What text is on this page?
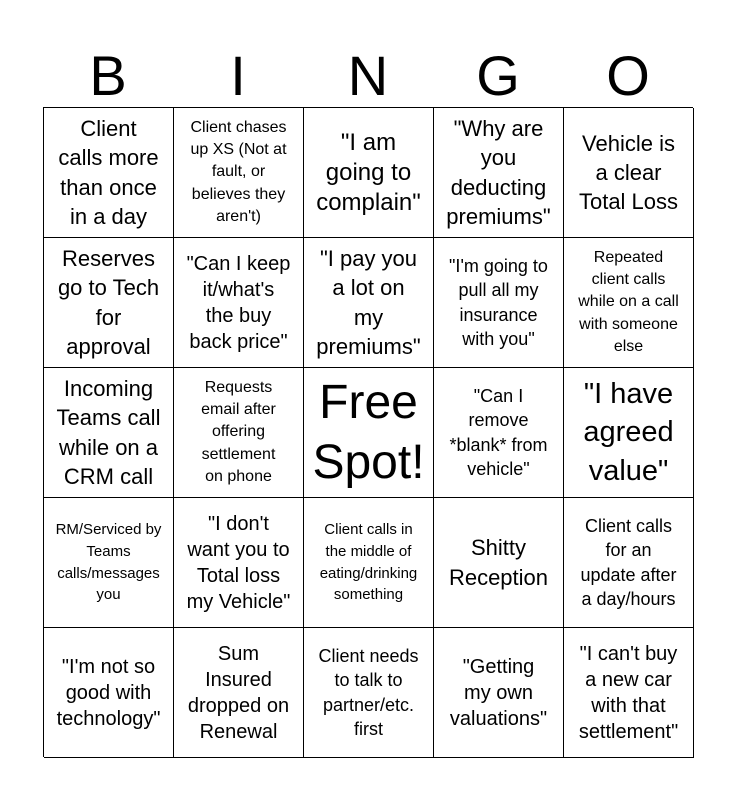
B	I	N	G	O
Client
calls more
than once
in a day
Client chases
up XS (Not at
fault, or
believes they
aren't)
"I am
going to
complain"
"Why are
you
deducting
premiums"
Vehicle is
a clear
Total Loss
Reserves
go to Tech
for
approval
"Can I keep
it/what's
the buy
back price"
"I pay you
a lot on
my
premiums"
"I'm going to
pull all my
insurance
with you"
Repeated
client calls
while on a call
with someone
else
Incoming
Teams call
while on a
CRM call
Requests
email after
offering
settlement
on phone
Free
Spot!
"Can I
remove
*blank* from
vehicle"
"I have
agreed
value"
RM/Serviced by
Teams
calls/messages
you
"I don't
want you to
Total loss
my Vehicle"
Client calls in
the middle of
eating/drinking
something
Shitty
Reception
Client calls
for an
update after
a day/hours
"I'm not so
good with
technology"
Sum
Insured
dropped on
Renewal
Client needs
to talk to
partner/etc.
first
"Getting
my own
valuations"
"I can't buy
a new car
with that
settlement"
